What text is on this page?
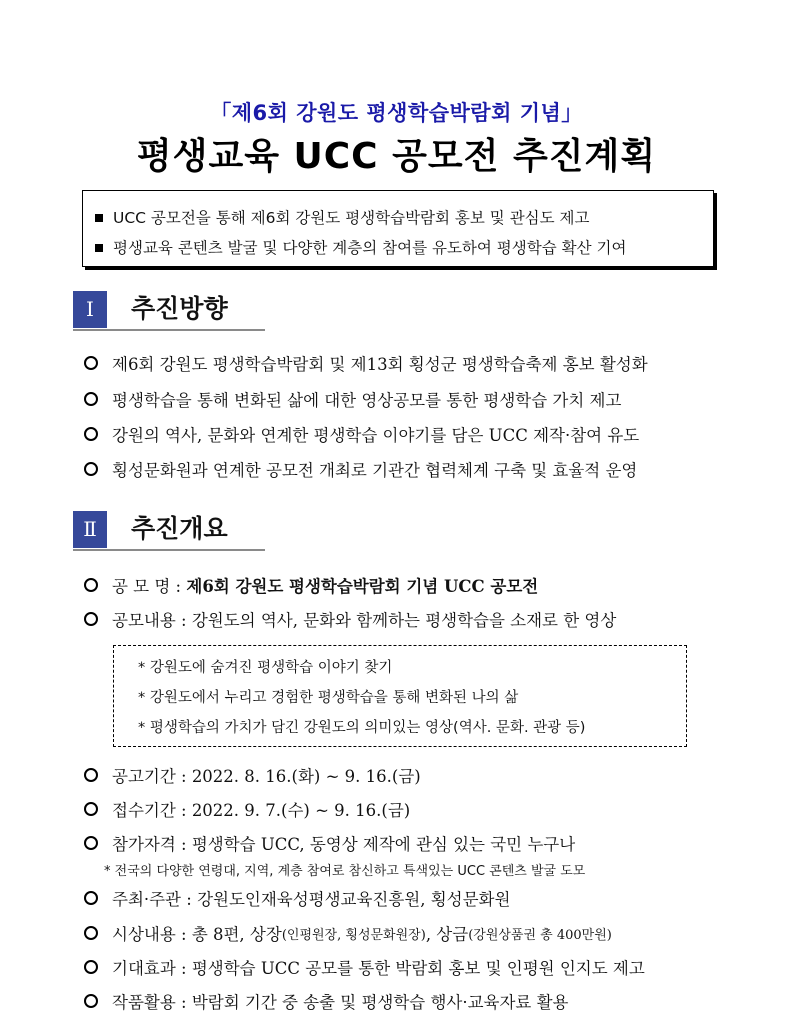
「제6회 강원도 평생학습박람회 기념」
평생교육 UCC 공모전 추진계획
UCC 공모전을 통해 제6회 강원도 평생학습박람회 홍보 및 관심도 제고
평생교육 콘텐츠 발굴 및 다양한 계층의 참여를 유도하여 평생학습 확산 기여
Ⅰ	추진방향
제6회 강원도 평생학습박람회 및 제13회 횡성군 평생학습축제 홍보 활성화
평생학습을 통해 변화된 삶에 대한 영상공모를 통한 평생학습 가치 제고
강원의 역사, 문화와 연계한 평생학습 이야기를 담은 UCC 제작·참여 유도
횡성문화원과 연계한 공모전 개최로 기관간 협력체계 구축 및 효율적 운영
Ⅱ	추진개요
공 모 명 :
제6회 강원도 평생학습박람회 기념 UCC 공모전
공모내용 :
강원도의 역사, 문화와 함께하는 평생학습을 소재로 한 영상
* 강원도에 숨겨진 평생학습 이야기 찾기
* 강원도에서 누리고 경험한 평생학습을 통해 변화된 나의 삶
* 평생학습의 가치가 담긴 강원도의 의미있는 영상(역사. 문화. 관광 등)
공고기간 :
2022. 8. 16.(화) ~ 9. 16.(금)
접수기간 :
2022. 9. 7.(수) ~ 9. 16.(금)
참가자격 :
평생학습 UCC, 동영상 제작에 관심 있는 국민 누구나
* 전국의 다양한 연령대, 지역, 계층 참여로 참신하고 특색있는 UCC 콘텐츠 발굴 도모
주최·주관 :
강원도인재육성평생교육진흥원, 횡성문화원
시상내용 :
총 8편, 상장 (인평원장, 횡성문화원장) , 상금 (강원상품권 총 400만원)
기대효과 :
평생학습 UCC 공모를 통한 박람회 홍보 및 인평원 인지도 제고
작품활용 :
박람회 기간 중 송출 및 평생학습 행사·교육자료 활용
